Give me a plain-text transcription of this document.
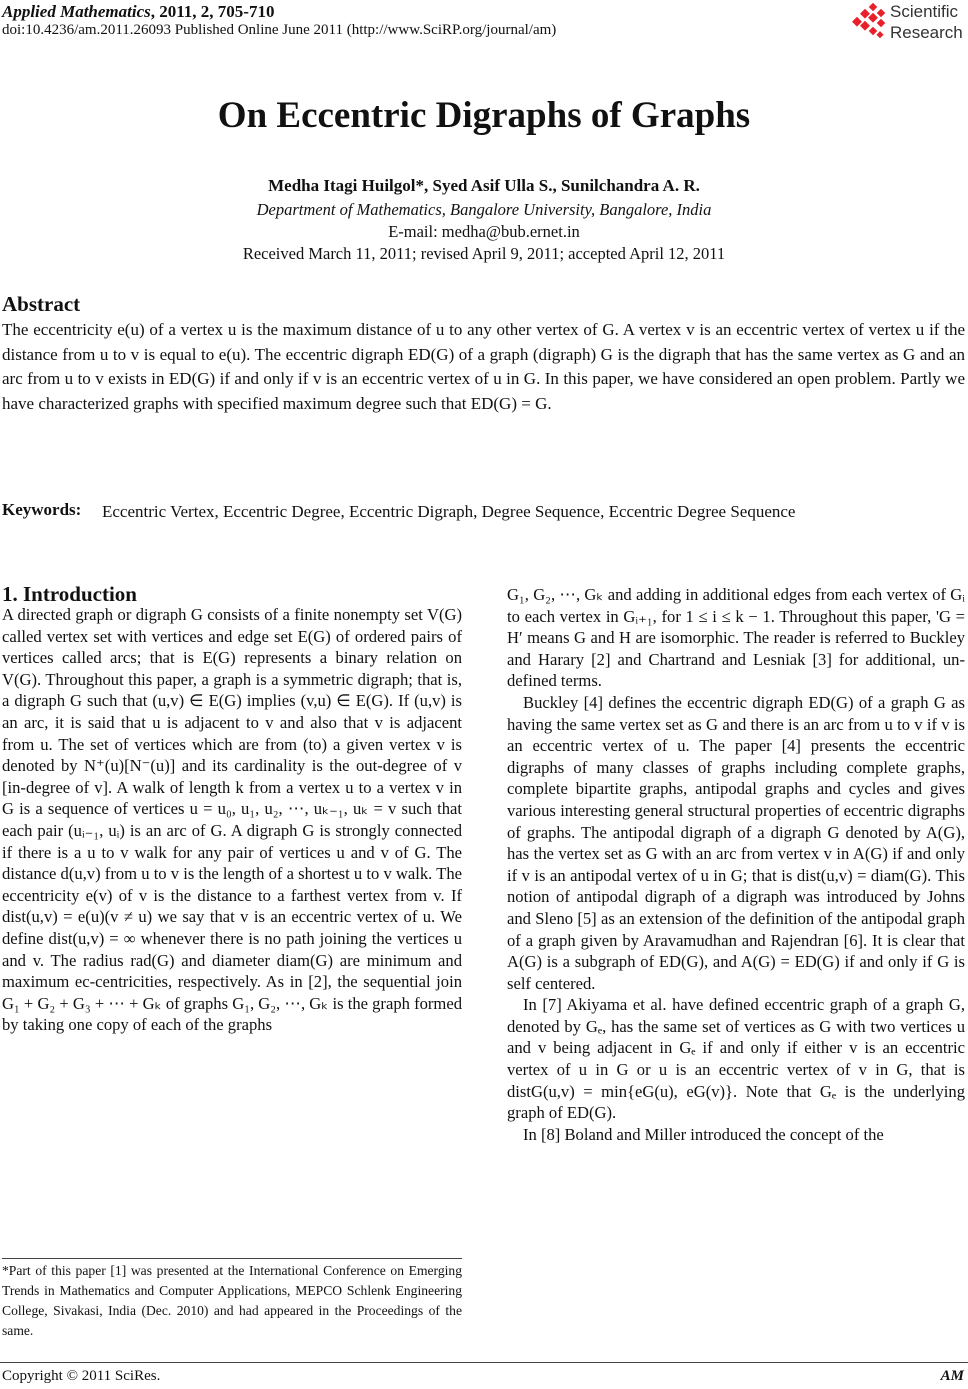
Applied Mathematics, 2011, 2, 705-710
doi:10.4236/am.2011.26093 Published Online June 2011 (http://www.SciRP.org/journal/am)
Scientific
Research
On Eccentric Digraphs of Graphs
Medha Itagi Huilgol*, Syed Asif Ulla S., Sunilchandra A. R.
Department of Mathematics, Bangalore University, Bangalore, India
E-mail: medha@bub.ernet.in
Received March 11, 2011; revised April 9, 2011; accepted April 12, 2011
Abstract
The eccentricity e(u) of a vertex u is the maximum distance of u to any other vertex of G. A vertex v is an eccentric vertex of vertex u if the distance from u to v is equal to e(u). The eccentric digraph ED(G) of a graph (digraph) G is the digraph that has the same vertex as G and an arc from u to v exists in ED(G) if and only if v is an eccentric vertex of u in G. In this paper, we have considered an open problem. Partly we have characterized graphs with specified maximum degree such that ED(G) = G.
Keywords: Eccentric Vertex, Eccentric Degree, Eccentric Digraph, Degree Sequence, Eccentric Degree Sequence
1. Introduction

A directed graph or digraph G consists of a finite nonempty set V(G) called vertex set with vertices and edge set E(G) of ordered pairs of vertices called arcs; that is E(G) represents a binary relation on V(G). Throughout this paper, a graph is a symmetric digraph; that is, a digraph G such that (u,v) ∈ E(G) implies (v,u) ∈ E(G). If (u,v) is an arc, it is said that u is adjacent to v and also that v is adjacent from u. The set of vertices which are from (to) a given vertex v is denoted by N⁺(u)[N⁻(u)] and its cardinality is the out-degree of v [in-degree of v]. A walk of length k from a vertex u to a vertex v in G is a sequence of vertices u = u₀, u₁, u₂, ⋯, uₖ₋₁, uₖ = v such that each pair (uᵢ₋₁, uᵢ) is an arc of G. A digraph G is strongly connected if there is a u to v walk for any pair of vertices u and v of G. The distance d(u,v) from u to v is the length of a shortest u to v walk. The eccentricity e(v) of v is the distance to a farthest vertex from v. If dist(u,v) = e(u)(v ≠ u) we say that v is an eccentric vertex of u. We define dist(u,v) = ∞ whenever there is no path joining the vertices u and v. The radius rad(G) and diameter diam(G) are minimum and maximum ec-centricities, respectively. As in [2], the sequential join G₁ + G₂ + G₃ + ⋯ + Gₖ of graphs G₁, G₂, ⋯, Gₖ is the graph formed by taking one copy of each of the graphs

G₁, G₂, ⋯, Gₖ and adding in additional edges from each vertex of Gᵢ to each vertex in Gᵢ₊₁, for 1 ≤ i ≤ k − 1. Throughout this paper, 'G = H′ means G and H are isomorphic. The reader is referred to Buckley and Harary [2] and Chartrand and Lesniak [3] for additional, un-defined terms.

Buckley [4] defines the eccentric digraph ED(G) of a graph G as having the same vertex set as G and there is an arc from u to v if v is an eccentric vertex of u. The paper [4] presents the eccentric digraphs of many classes of graphs including complete graphs, complete bipartite graphs, antipodal graphs and cycles and gives various interesting general structural properties of eccentric digraphs of graphs. The antipodal digraph of a digraph G denoted by A(G), has the vertex set as G with an arc from vertex v in A(G) if and only if v is an antipodal vertex of u in G; that is dist(u,v) = diam(G). This notion of antipodal digraph of a digraph was introduced by Johns and Sleno [5] as an extension of the definition of the antipodal graph of a graph given by Aravamudhan and Rajendran [6]. It is clear that A(G) is a subgraph of ED(G), and A(G) = ED(G) if and only if G is self centered.

In [7] Akiyama et al. have defined eccentric graph of a graph G, denoted by Gₑ, has the same set of vertices as G with two vertices u and v being adjacent in Gₑ if and only if either v is an eccentric vertex of u in G or u is an eccentric vertex of v in G, that is distG(u,v) = min{eG(u), eG(v)}. Note that Gₑ is the underlying graph of ED(G).

In [8] Boland and Miller introduced the concept of the

*Part of this paper [1] was presented at the International Conference on Emerging Trends in Mathematics and Computer Applications, MEPCO Schlenk Engineering College, Sivakasi, India (Dec. 2010) and had appeared in the Proceedings of the same.
Copyright © 2011 SciRes.	AM
